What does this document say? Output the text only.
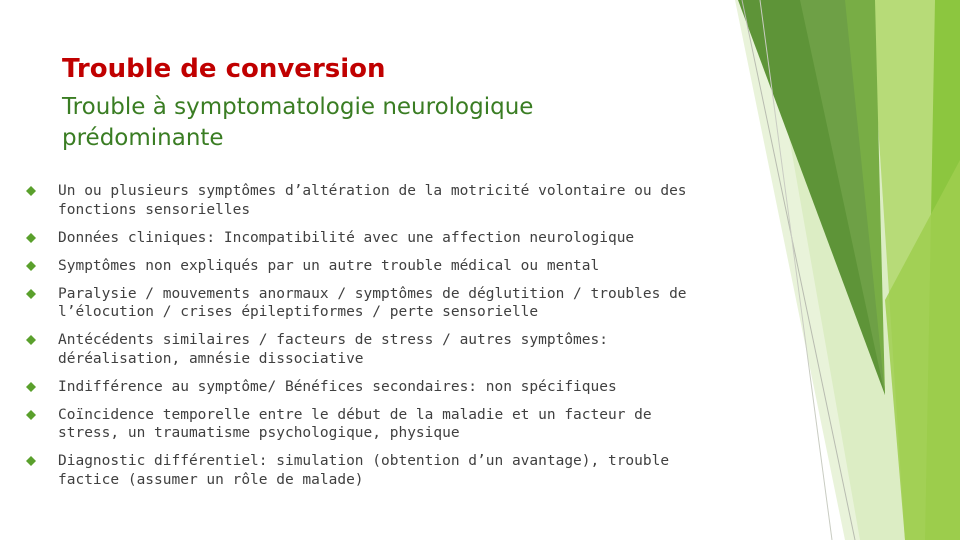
Trouble de conversion
Trouble à symptomatologie neurologique prédominante
Un ou plusieurs symptômes d’altération de la motricité volontaire ou des fonctions sensorielles
Données cliniques: Incompatibilité avec une affection neurologique
Symptômes non expliqués par un autre trouble médical ou mental
Paralysie / mouvements anormaux / symptômes de déglutition / troubles de l’élocution / crises épileptiformes / perte sensorielle
Antécédents similaires / facteurs de stress / autres symptômes: déréalisation, amnésie dissociative
Indifférence au symptôme/ Bénéfices secondaires: non spécifiques
Coïncidence temporelle entre le début de la maladie et un facteur de stress, un traumatisme psychologique, physique
Diagnostic différentiel: simulation (obtention d’un avantage), trouble factice (assumer un rôle de malade)
